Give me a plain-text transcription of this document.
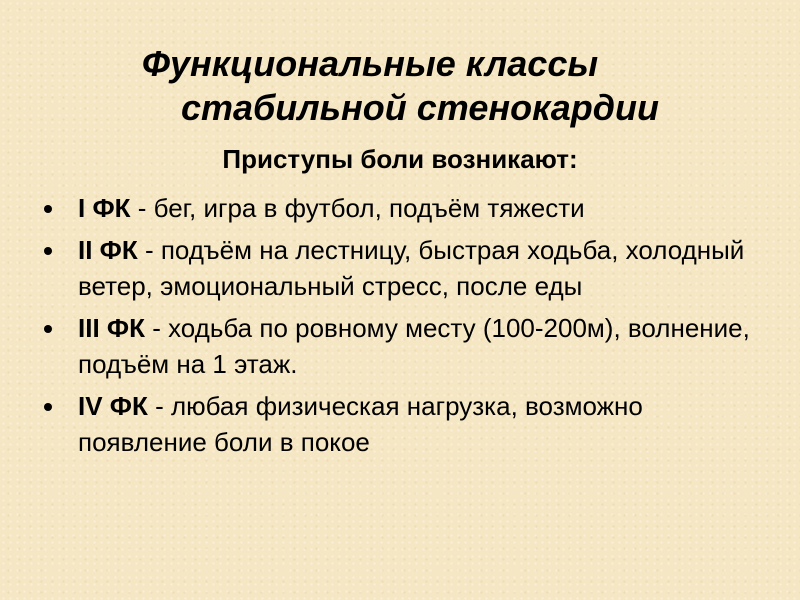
Функциональные классы
стабильной стенокардии

Приступы боли возникают:

I ФК - бег, игра в футбол, подъём тяжести
II ФК - подъём на лестницу, быстрая ходьба, холодный ветер, эмоциональный стресс, после еды
III ФК - ходьба по ровному месту (100-200м), волнение, подъём на 1 этаж.
IV ФК - любая физическая нагрузка, возможно появление боли в покое
